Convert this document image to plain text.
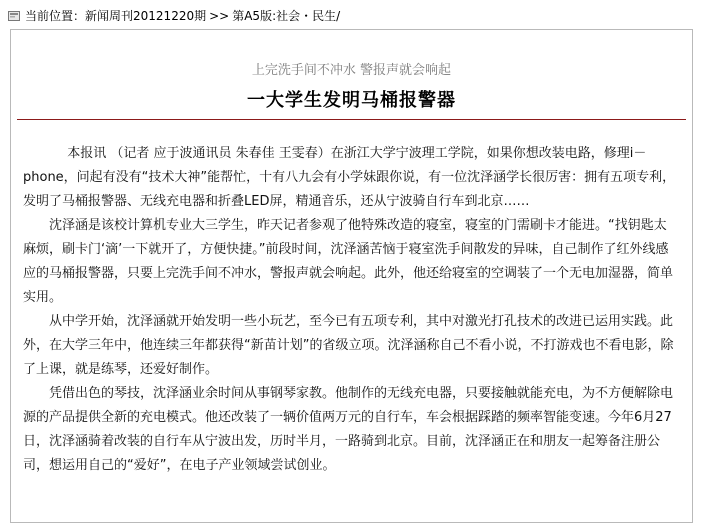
当前位置：新闻周刊20121220期 >> 第A5版:社会・民生/
上完洗手间不冲水 警报声就会响起
一大学生发明马桶报警器

本报讯 （记者 应于波通讯员 朱春佳 王雯春）在浙江大学宁波理工学院，如果你想改装电路，修理i－phone，问起有没有“技术大神”能帮忙，十有八九会有小学妹跟你说，有一位沈泽涵学长很厉害：拥有五项专利，发明了马桶报警器、无线充电器和折叠LED屏，精通音乐，还从宁波骑自行车到北京……

沈泽涵是该校计算机专业大三学生，昨天记者参观了他特殊改造的寝室，寝室的门需刷卡才能进。“找钥匙太麻烦，刷卡门‘滴’一下就开了，方便快捷。”前段时间，沈泽涵苦恼于寝室洗手间散发的异味，自己制作了红外线感应的马桶报警器，只要上完洗手间不冲水，警报声就会响起。此外，他还给寝室的空调装了一个无电加湿器，简单实用。

从中学开始，沈泽涵就开始发明一些小玩艺，至今已有五项专利，其中对激光打孔技术的改进已运用实践。此外，在大学三年中，他连续三年都获得“新苗计划”的省级立项。沈泽涵称自己不看小说，不打游戏也不看电影，除了上课，就是练琴，还爱好制作。

凭借出色的琴技，沈泽涵业余时间从事钢琴家教。他制作的无线充电器，只要接触就能充电，为不方便解除电源的产品提供全新的充电模式。他还改装了一辆价值两万元的自行车，车会根据踩踏的频率智能变速。今年6月27日，沈泽涵骑着改装的自行车从宁波出发，历时半月，一路骑到北京。目前，沈泽涵正在和朋友一起筹备注册公司，想运用自己的“爱好”，在电子产业领域尝试创业。
